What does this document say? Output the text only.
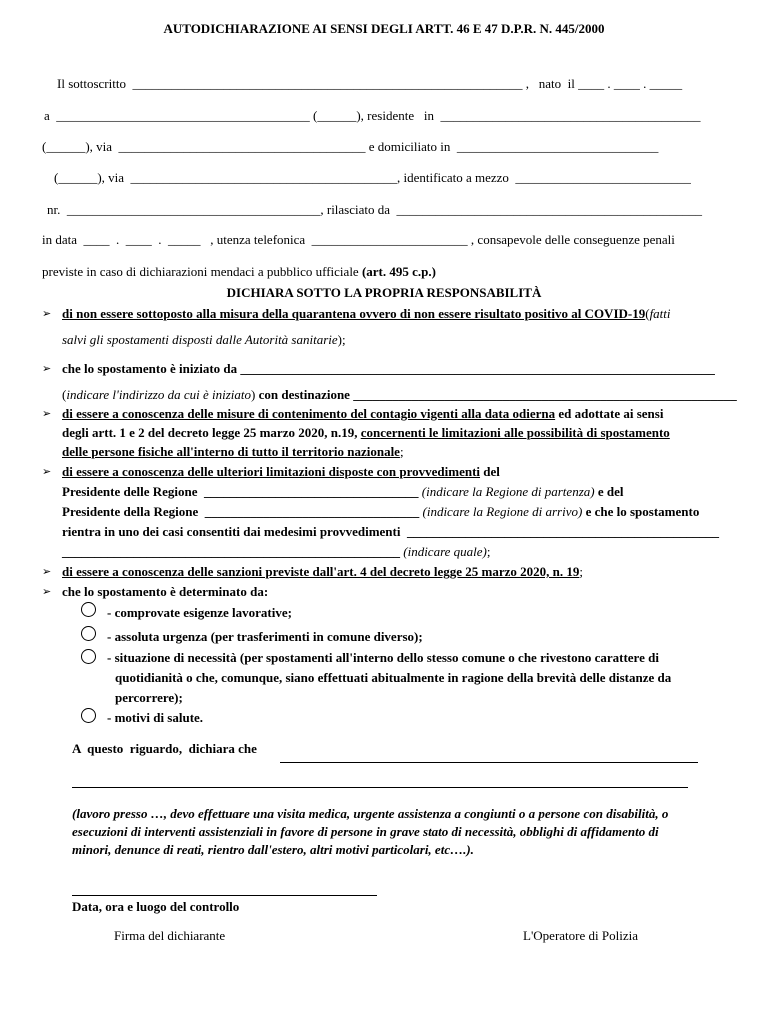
AUTODICHIARAZIONE AI SENSI DEGLI ARTT. 46 E 47 D.P.R. N. 445/2000
Il sottoscritto  ____________________________________________________________ ,   nato  il ____ . ____ . _____
a  _______________________________________ (______), residente   in  ________________________________________
(______), via  ______________________________________ e domiciliato in  _______________________________
(______), via  _________________________________________, identificato a mezzo  ___________________________
nr.  _______________________________________, rilasciato da  _______________________________________________
in data  ____  .  ____  .  _____   , utenza telefonica  ________________________ , consapevole delle conseguenze penali
previste in caso di dichiarazioni mendaci a pubblico ufficiale (art. 495 c.p.)
DICHIARA SOTTO LA PROPRIA RESPONSABILITÀ
➢ di non essere sottoposto alla misura della quarantena ovvero di non essere risultato positivo al COVID-19(fatti
salvi gli spostamenti disposti dalle Autorità sanitarie);
➢ che lo spostamento è iniziato da _________________________________________________________________________
(indicare l'indirizzo da cui è iniziato) con destinazione ___________________________________________________________
➢ di essere a conoscenza delle misure di contenimento del contagio vigenti alla data odierna ed adottate ai sensi
degli artt. 1 e 2 del decreto legge 25 marzo 2020, n.19, concernenti le limitazioni alle possibilità di spostamento
delle persone fisiche all'interno di tutto il territorio nazionale;
➢ di essere a conoscenza delle ulteriori limitazioni disposte con provvedimenti del
Presidente delle Regione  _________________________________ (indicare la Regione di partenza) e del
Presidente della Regione  _________________________________ (indicare la Regione di arrivo) e che lo spostamento
rientra in uno dei casi consentiti dai medesimi provvedimenti  ________________________________________________
____________________________________________________ (indicare quale);
➢ di essere a conoscenza delle sanzioni previste dall'art. 4 del decreto legge 25 marzo 2020, n. 19;
➢ che lo spostamento è determinato da:
- comprovate esigenze lavorative;
- assoluta urgenza (per trasferimenti in comune diverso);
- situazione di necessità (per spostamenti all'interno dello stesso comune o che rivestono carattere di
quotidianità o che, comunque, siano effettuati abitualmente in ragione della brevità delle distanze da
percorrere);
- motivi di salute.
A  questo  riguardo,  dichiara che
(lavoro presso …, devo effettuare una visita medica, urgente assistenza a congiunti o a persone con disabilità, o
esecuzioni di interventi assistenziali in favore di persone in grave stato di necessità, obblighi di affidamento di
minori, denunce di reati, rientro dall'estero, altri motivi particolari, etc….).
Data, ora e luogo del controllo
Firma del dichiarante	L'Operatore di Polizia
